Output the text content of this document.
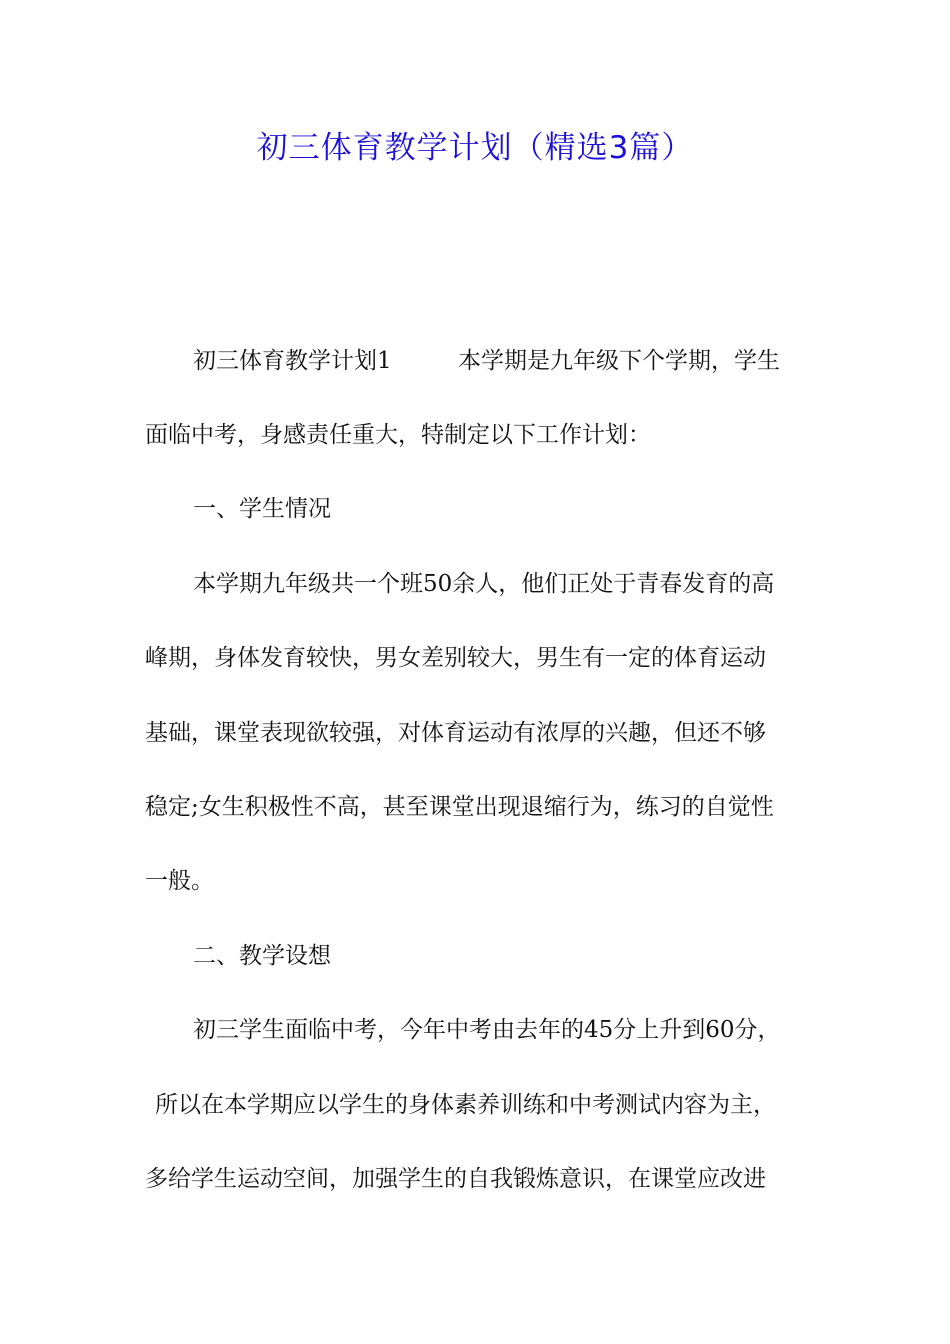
初三体育教学计划（精选3篇）

初三体育教学计划1	本学期是九年级下个学期，学生

面临中考，身感责任重大，特制定以下工作计划：

一、学生情况

本学期九年级共一个班50余人，他们正处于青春发育的高

峰期，身体发育较快，男女差别较大，男生有一定的体育运动

基础，课堂表现欲较强，对体育运动有浓厚的兴趣，但还不够

稳定;女生积极性不高，甚至课堂出现退缩行为，练习的自觉性

一般。

二、教学设想

初三学生面临中考，今年中考由去年的45分上升到60分，

所以在本学期应以学生的身体素养训练和中考测试内容为主，

多给学生运动空间，加强学生的自我锻炼意识，在课堂应改进
